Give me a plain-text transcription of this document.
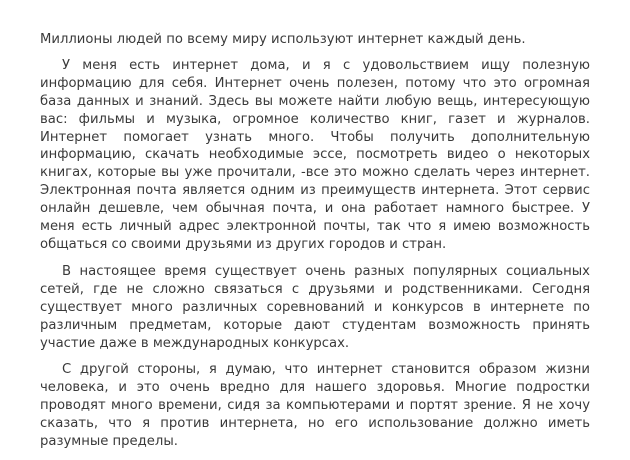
Миллионы людей по всему миру используют интернет каждый день.

У меня есть интернет дома, и я с удовольствием ищу полезную информацию для себя. Интернет очень полезен, потому что это огромная база данных и знаний. Здесь вы можете найти любую вещь, интересующую вас: фильмы и музыка, огромное количество книг, газет и журналов. Интернет помогает узнать много. Чтобы получить дополнительную информацию, скачать необходимые эссе, посмотреть видео о некоторых книгах, которые вы уже прочитали, -все это можно сделать через интернет. Электронная почта является одним из преимуществ интернета. Этот сервис онлайн дешевле, чем обычная почта, и она работает намного быстрее. У меня есть личный адрес электронной почты, так что я имею возможность общаться со своими друзьями из других городов и стран.

В настоящее время существует очень разных популярных социальных сетей, где не сложно связаться с друзьями и родственниками. Сегодня существует много различных соревнований и конкурсов в интернете по различным предметам, которые дают студентам возможность принять участие даже в международных конкурсах.

С другой стороны, я думаю, что интернет становится образом жизни человека, и это очень вредно для нашего здоровья. Многие подростки проводят много времени, сидя за компьютерами и портят зрение. Я не хочу сказать, что я против интернета, но его использование должно иметь разумные пределы.
